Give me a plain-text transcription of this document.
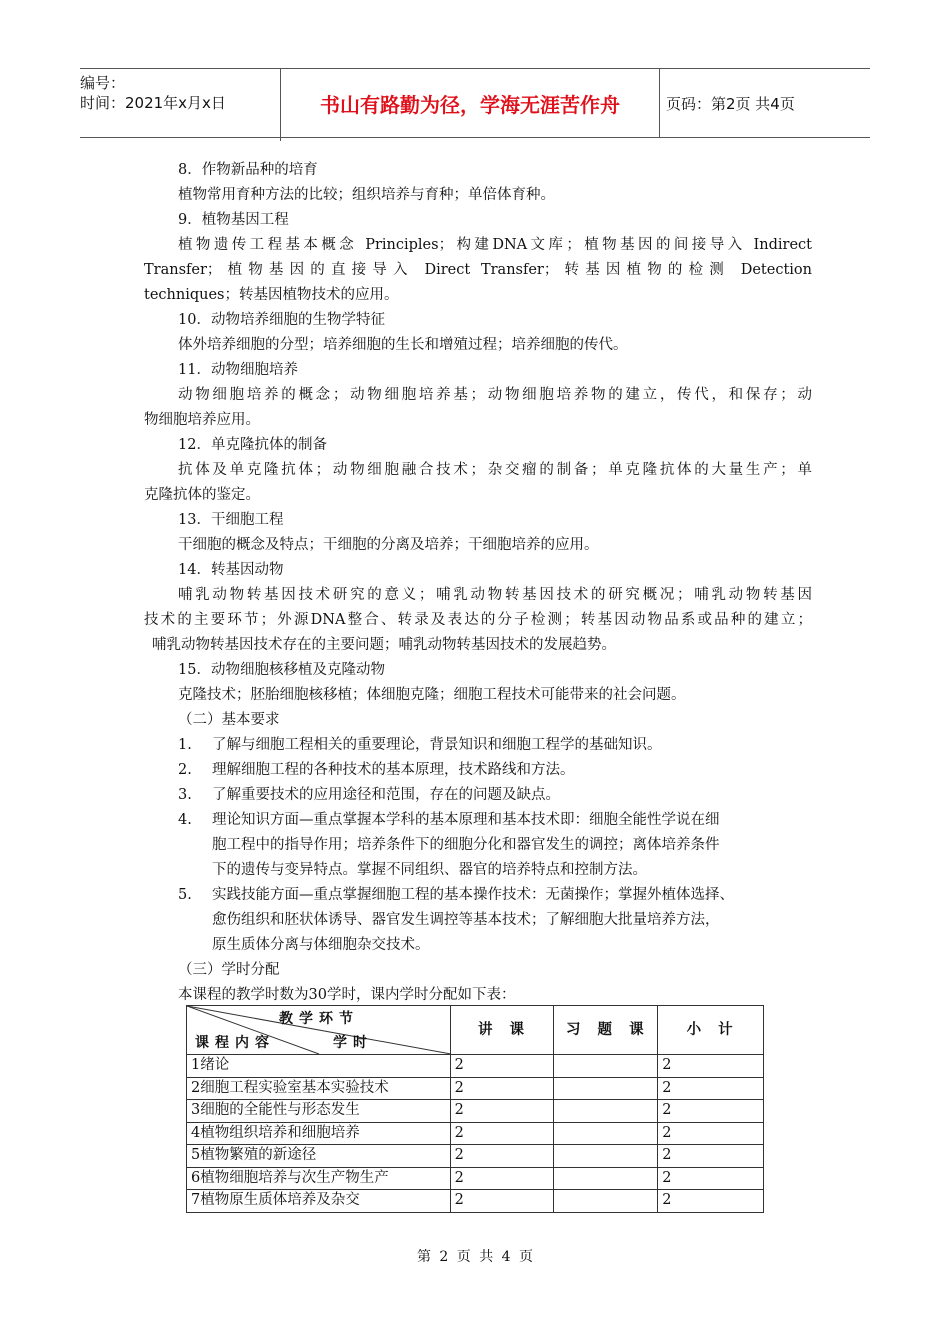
编号：
时间：2021年x月x日	书山有路勤为径，学海无涯苦作舟	页码：第2页 共4页
8．作物新品种的培育
植物常用育种方法的比较；组织培养与育种；单倍体育种。
9．植物基因工程
植物遗传工程基本概念 Principles；构建DNA文库；植物基因的间接导入 Indirect
Transfer；植物基因的直接导入 Direct Transfer；转基因植物的检测 Detection
techniques；转基因植物技术的应用。
10．动物培养细胞的生物学特征
体外培养细胞的分型；培养细胞的生长和增殖过程；培养细胞的传代。
11．动物细胞培养
动物细胞培养的概念；动物细胞培养基；动物细胞培养物的建立，传代，和保存；动
物细胞培养应用。
12．单克隆抗体的制备
抗体及单克隆抗体；动物细胞融合技术；杂交瘤的制备；单克隆抗体的大量生产；单
克隆抗体的鉴定。
13．干细胞工程
干细胞的概念及特点；干细胞的分离及培养；干细胞培养的应用。
14．转基因动物
哺乳动物转基因技术研究的意义；哺乳动物转基因技术的研究概况；哺乳动物转基因
技术的主要环节；外源DNA整合、转录及表达的分子检测；转基因动物品系或品种的建立；
哺乳动物转基因技术存在的主要问题；哺乳动物转基因技术的发展趋势。
15．动物细胞核移植及克隆动物
克隆技术；胚胎细胞核移植；体细胞克隆；细胞工程技术可能带来的社会问题。
（二）基本要求
1. 了解与细胞工程相关的重要理论，背景知识和细胞工程学的基础知识。
2. 理解细胞工程的各种技术的基本原理，技术路线和方法。
3. 了解重要技术的应用途径和范围，存在的问题及缺点。
4. 理论知识方面—重点掌握本学科的基本原理和基本技术即：细胞全能性学说在细
胞工程中的指导作用；培养条件下的细胞分化和器官发生的调控；离体培养条件
下的遗传与变异特点。掌握不同组织、器官的培养特点和控制方法。
5. 实践技能方面—重点掌握细胞工程的基本操作技术：无菌操作；掌握外植体选择、
愈伤组织和胚状体诱导、器官发生调控等基本技术；了解细胞大批量培养方法，
原生质体分离与体细胞杂交技术。
（三）学时分配
本课程的教学时数为30学时，课内学时分配如下表：
教学环节
课程内容 学时	讲 课	习 题 课	小 计
1绪论	2		2
2细胞工程实验室基本实验技术	2		2
3细胞的全能性与形态发生	2		2
4植物组织培养和细胞培养	2		2
5植物繁殖的新途径	2		2
6植物细胞培养与次生产物生产	2		2
7植物原生质体培养及杂交	2		2
第 2 页 共 4 页
